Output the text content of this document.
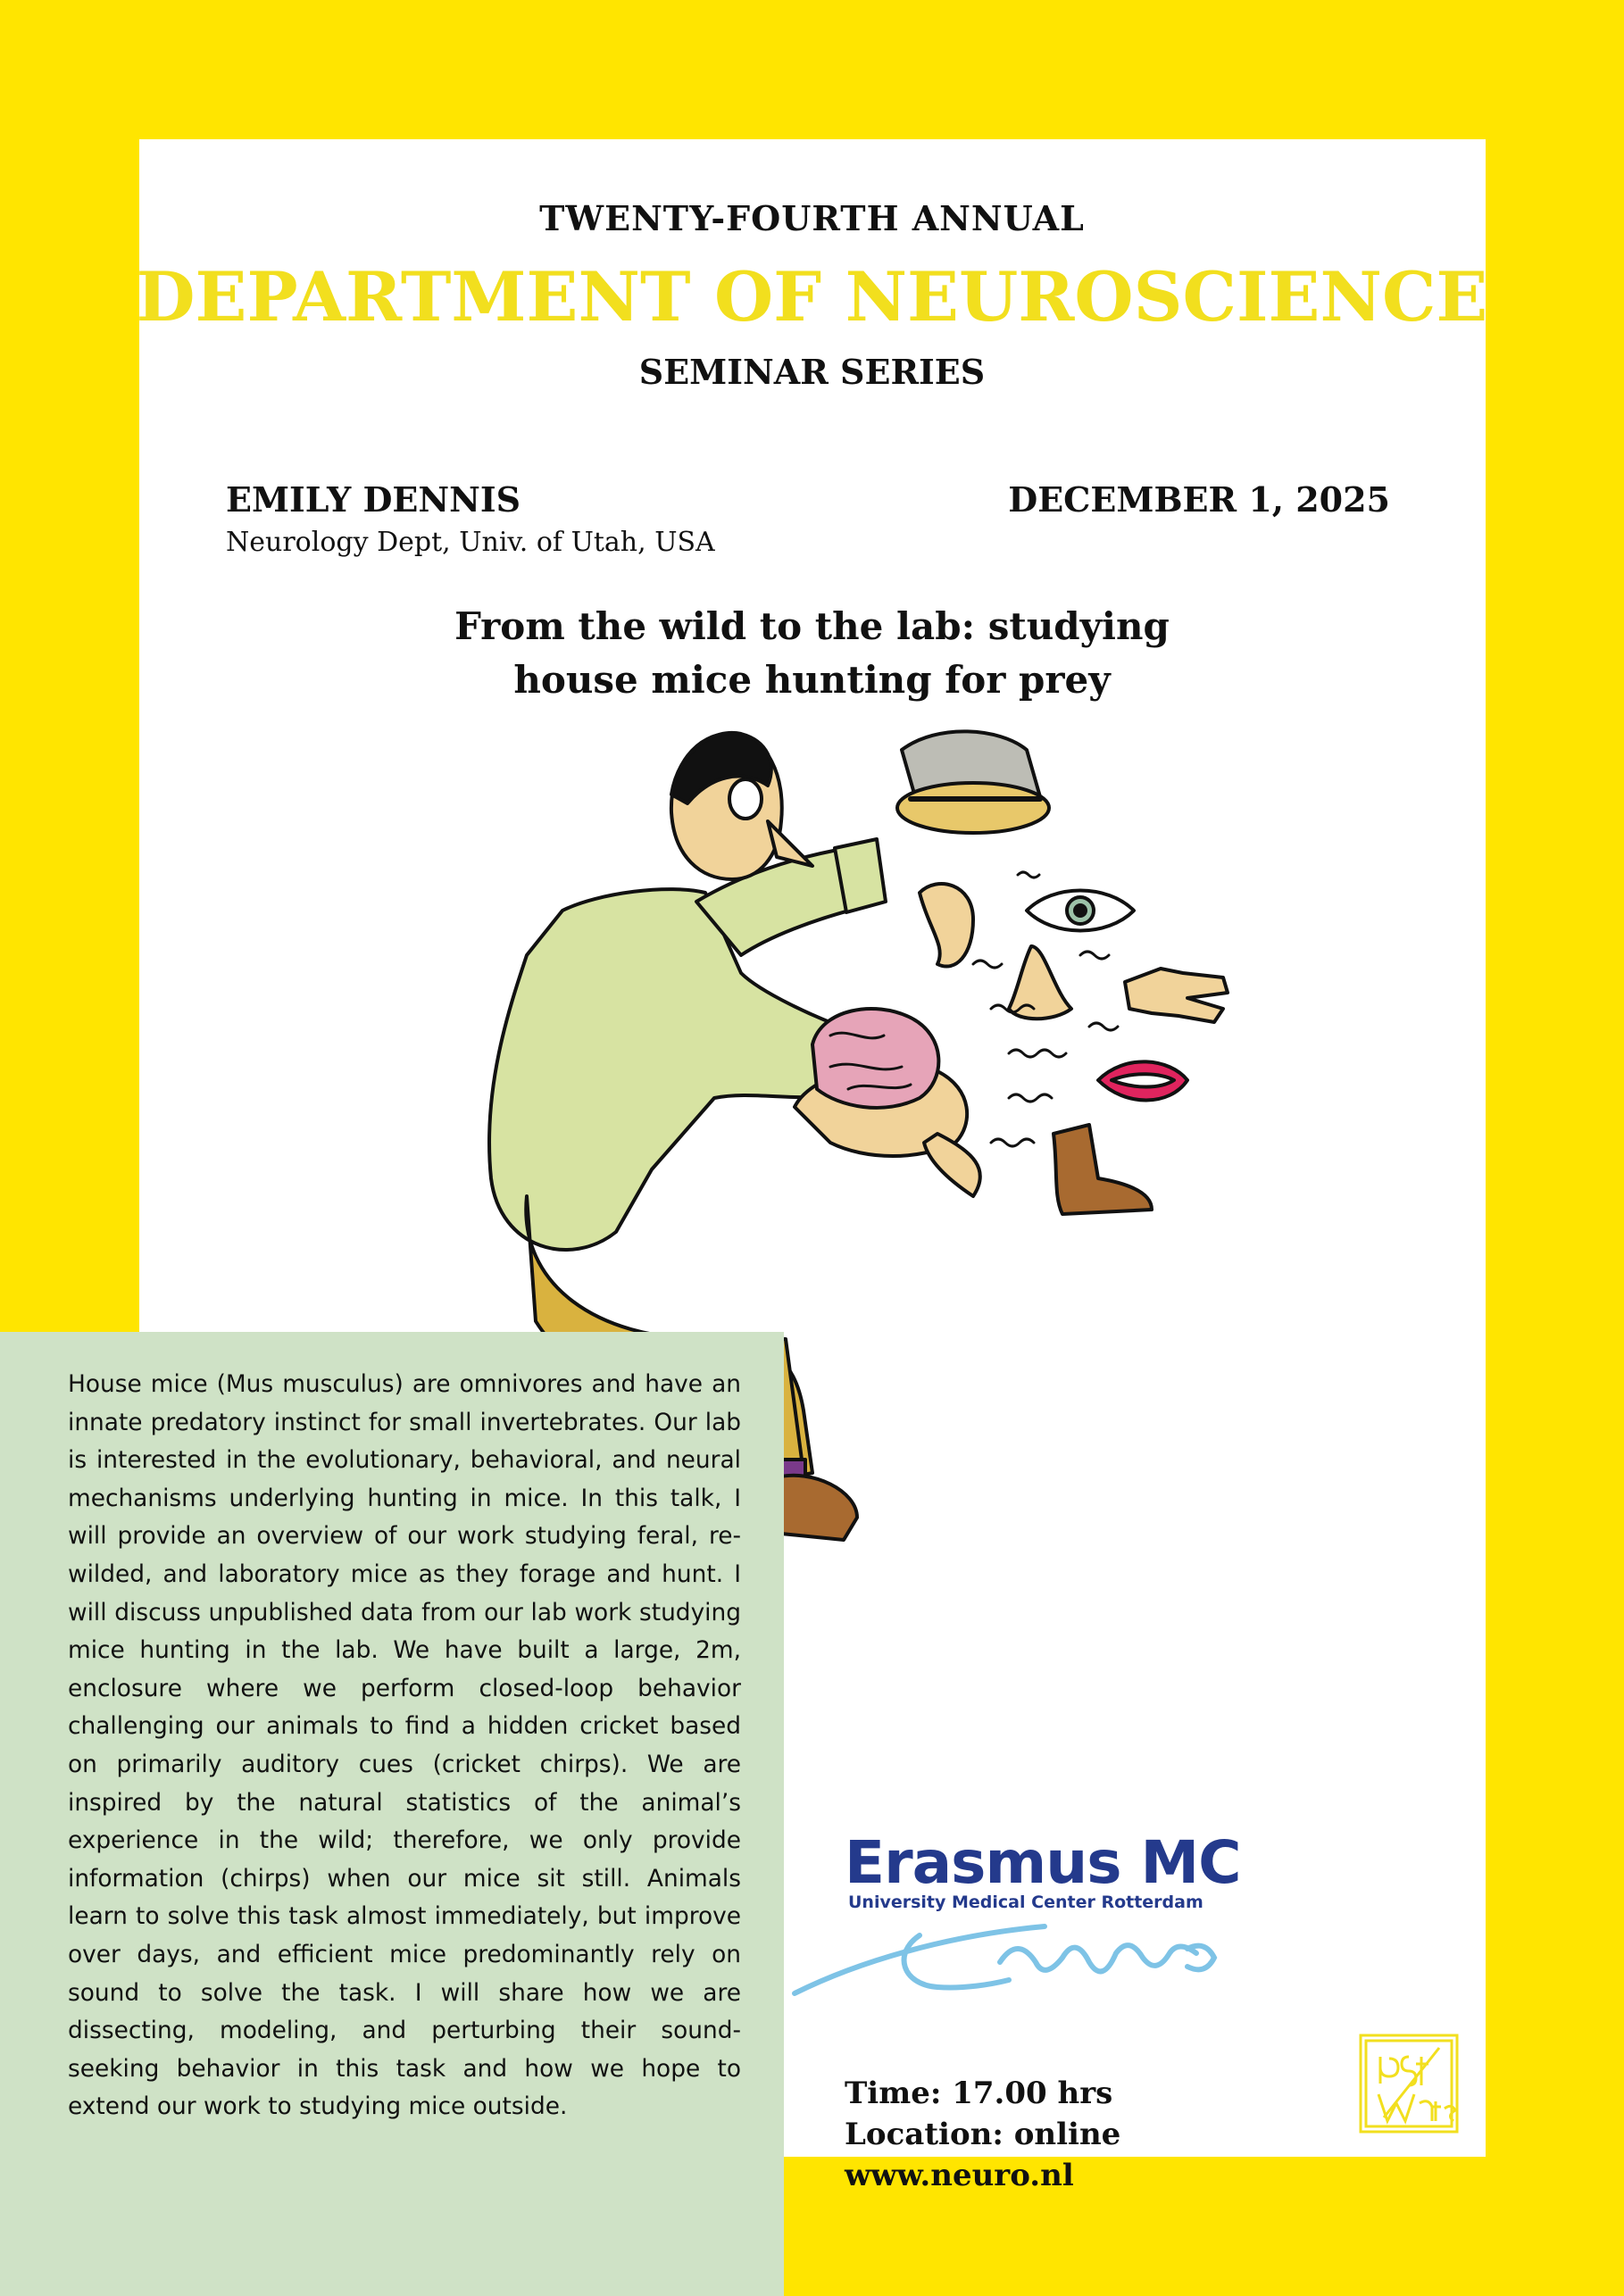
TWENTY-FOURTH ANNUAL
DEPARTMENT OF NEUROSCIENCE
SEMINAR SERIES
EMILY DENNIS
Neurology Dept, Univ. of Utah, USA
DECEMBER 1, 2025
From the wild to the lab: studying
house mice hunting for prey

House mice (Mus musculus) are omnivores and have an innate predatory instinct for small invertebrates. Our lab is interested in the evolutionary, behavioral, and neural mechanisms underlying hunting in mice. In this talk, I will provide an overview of our work studying feral, re-wilded, and laboratory mice as they forage and hunt. I will discuss unpublished data from our lab work studying mice hunting in the lab. We have built a large, 2m, enclosure where we perform closed-loop behavior challenging our animals to find a hidden cricket based on primarily auditory cues (cricket chirps). We are inspired by the natural statistics of the animal’s experience in the wild; therefore, we only provide information (chirps) when our mice sit still. Animals learn to solve this task almost immediately, but improve over days, and efficient mice predominantly rely on sound to solve the task. I will share how we are dissecting, modeling, and perturbing their sound-seeking behavior in this task and how we hope to extend our work to studying mice outside.

Erasmus MC
University Medical Center Rotterdam
Time: 17.00 hrs
Location: online
www.neuro.nl
